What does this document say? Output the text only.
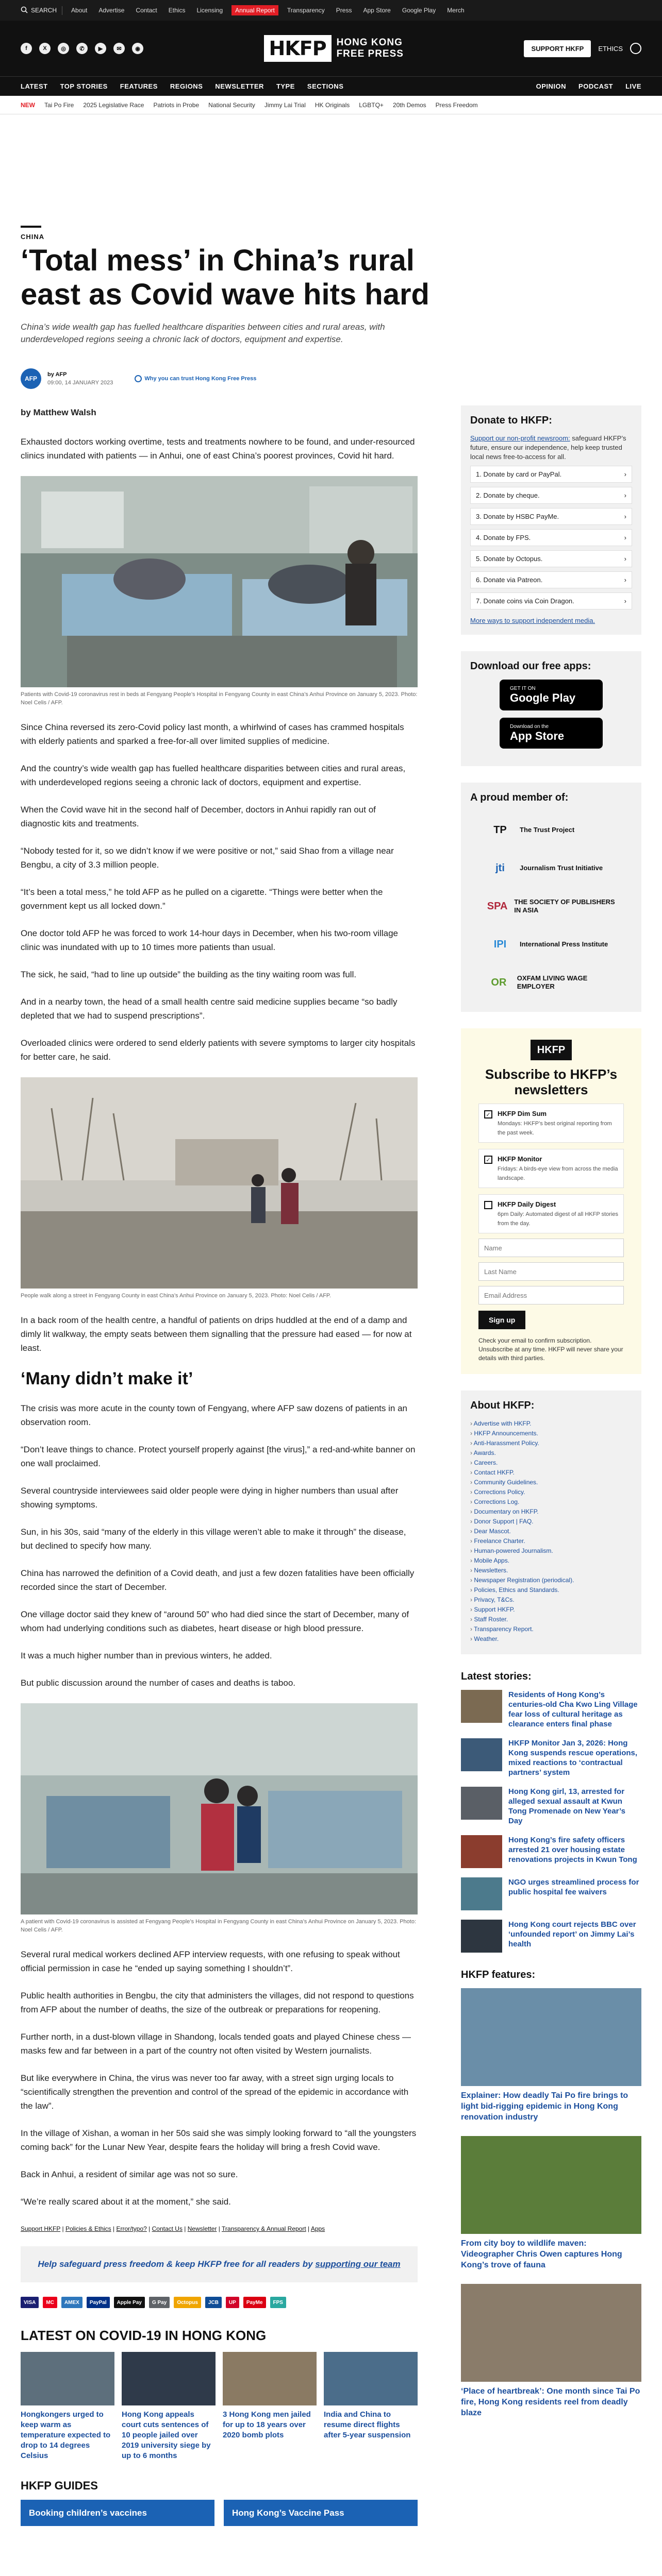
SEARCH	About	Advertise	Contact	Ethics	Licensing	Annual Report	Transparency	Press	App Store	Google Play	Merch
f	X	◎	✆	▶	✉	◉	HKFP	HONG KONG
FREE PRESS	SUPPORT HKFP	ETHICS
LATEST TOP STORIES FEATURES REGIONS NEWSLETTER TYPE SECTIONS	OPINION PODCAST LIVE
NEW Tai Po Fire 2025 Legislative Race Patriots in Probe National Security Jimmy Lai Trial HK Originals LGBTQ+ 20th Demos Press Freedom
CHINA
‘Total mess’ in China’s rural east as Covid wave hits hard

China’s wide wealth gap has fuelled healthcare disparities between cities and rural areas, with underdeveloped regions seeing a chronic lack of doctors, equipment and expertise.

AFP
by AFP
09:00, 14 JANUARY 2023
Why you can trust Hong Kong Free Press
by Matthew Walsh

Exhausted doctors working overtime, tests and treatments nowhere to be found, and under-resourced clinics inundated with patients — in Anhui, one of east China’s poorest provinces, Covid hit hard.

Patients with Covid-19 coronavirus rest in beds at Fengyang People’s Hospital in Fengyang County in east China’s Anhui Province on January 5, 2023. Photo: Noel Celis / AFP.

Since China reversed its zero-Covid policy last month, a whirlwind of cases has crammed hospitals with elderly patients and sparked a free-for-all over limited supplies of medicine.

And the country’s wide wealth gap has fuelled healthcare disparities between cities and rural areas, with underdeveloped regions seeing a chronic lack of doctors, equipment and expertise.

When the Covid wave hit in the second half of December, doctors in Anhui rapidly ran out of diagnostic kits and treatments.

“Nobody tested for it, so we didn’t know if we were positive or not,” said Shao from a village near Bengbu, a city of 3.3 million people.

“It’s been a total mess,” he told AFP as he pulled on a cigarette. “Things were better when the government kept us all locked down.”

One doctor told AFP he was forced to work 14-hour days in December, when his two-room village clinic was inundated with up to 10 times more patients than usual.

The sick, he said, “had to line up outside” the building as the tiny waiting room was full.

And in a nearby town, the head of a small health centre said medicine supplies became “so badly depleted that we had to suspend prescriptions”.

Overloaded clinics were ordered to send elderly patients with severe symptoms to larger city hospitals for better care, he said.

People walk along a street in Fengyang County in east China’s Anhui Province on January 5, 2023. Photo: Noel Celis / AFP.

In a back room of the health centre, a handful of patients on drips huddled at the end of a damp and dimly lit walkway, the empty seats between them signalling that the pressure had eased — for now at least.

‘Many didn’t make it’

The crisis was more acute in the county town of Fengyang, where AFP saw dozens of patients in an observation room.

“Don’t leave things to chance. Protect yourself properly against [the virus],” a red-and-white banner on one wall proclaimed.

Several countryside interviewees said older people were dying in higher numbers than usual after showing symptoms.

Sun, in his 30s, said “many of the elderly in this village weren’t able to make it through” the disease, but declined to specify how many.

China has narrowed the definition of a Covid death, and just a few dozen fatalities have been officially recorded since the start of December.

One village doctor said they knew of “around 50” who had died since the start of December, many of whom had underlying conditions such as diabetes, heart disease or high blood pressure.

It was a much higher number than in previous winters, he added.

But public discussion around the number of cases and deaths is taboo.

A patient with Covid-19 coronavirus is assisted at Fengyang People’s Hospital in Fengyang County in east China’s Anhui Province on January 5, 2023. Photo: Noel Celis / AFP.

Several rural medical workers declined AFP interview requests, with one refusing to speak without official permission in case he “ended up saying something I shouldn’t”.

Public health authorities in Bengbu, the city that administers the villages, did not respond to questions from AFP about the number of deaths, the size of the outbreak or preparations for reopening.

Further north, in a dust-blown village in Shandong, locals tended goats and played Chinese chess — masks few and far between in a part of the country not often visited by Western journalists.

But like everywhere in China, the virus was never too far away, with a street sign urging locals to “scientifically strengthen the prevention and control of the spread of the epidemic in accordance with the law”.

In the village of Xishan, a woman in her 50s said she was simply looking forward to “all the youngsters coming back” for the Lunar New Year, despite fears the holiday will bring a fresh Covid wave.

Back in Anhui, a resident of similar age was not so sure.

“We’re really scared about it at the moment,” she said.

Support HKFP | Policies & Ethics | Error/typo? | Contact Us | Newsletter | Transparency & Annual Report | Apps
Help safeguard press freedom & keep HKFP free for all readers by supporting our team
VISA	MC	AMEX	PayPal	Apple Pay	G Pay	Octopus	JCB	UP	PayMe	FPS
LATEST ON COVID-19 IN HONG KONG
Hongkongers urged to keep warm as temperature expected to drop to 14 degrees Celsius
Hong Kong appeals court cuts sentences of 10 people jailed over 2019 university siege by up to 6 months
3 Hong Kong men jailed for up to 18 years over 2020 bomb plots
India and China to resume direct flights after 5-year suspension
HKFP GUIDES
Booking children’s vaccines	Hong Kong’s Vaccine Pass
Donate to HKFP:

Support our non-profit newsroom: safeguard HKFP’s future, ensure our independence, help keep trusted local news free-to-access for all.

1. Donate by card or PayPal.	›
2. Donate by cheque.	›
3. Donate by HSBC PayMe.	›
4. Donate by FPS.	›
5. Donate by Octopus.	›
6. Donate via Patreon.	›
7. Donate coins via Coin Dragon.	›
More ways to support independent media.
Download our free apps:
GET IT ON
Google Play
Download on the
App Store
A proud member of:
TP	The Trust Project
jti	Journalism Trust Initiative
SPA THE SOCIETY OF PUBLISHERS IN ASIA
IPI	International Press Institute
OR	OXFAM LIVING WAGE EMPLOYER
HKFP
Subscribe to HKFP’s newsletters
✓ HKFP Dim Sum
Mondays: HKFP’s best original reporting from the past week.
✓ HKFP Monitor
Fridays: A birds-eye view from across the media landscape.
HKFP Daily Digest
6pm Daily: Automated digest of all HKFP stories from the day.
Name Last Name Email Address
Sign up

Check your email to confirm subscription. Unsubscribe at any time. HKFP will never share your details with third parties.

About HKFP:
› Advertise with HKFP.
› HKFP Announcements.
› Anti-Harassment Policy.
› Awards.
› Careers.
› Contact HKFP.
› Community Guidelines.
› Corrections Policy.
› Corrections Log.
› Documentary on HKFP.
› Donor Support | FAQ.
› Dear Mascot.
› Freelance Charter.
› Human-powered Journalism.
› Mobile Apps.
› Newsletters.
› Newspaper Registration (periodical).
› Policies, Ethics and Standards.
› Privacy, T&Cs.
› Support HKFP.
› Staff Roster.
› Transparency Report.
› Weather.
Latest stories:
Residents of Hong Kong’s centuries-old Cha Kwo Ling Village fear loss of cultural heritage as clearance enters final phase
HKFP Monitor Jan 3, 2026: Hong Kong suspends rescue operations, mixed reactions to ‘contractual partners’ system
Hong Kong girl, 13, arrested for alleged sexual assault at Kwun Tong Promenade on New Year’s Day
Hong Kong’s fire safety officers arrested 21 over housing estate renovations projects in Kwun Tong
NGO urges streamlined process for public hospital fee waivers
Hong Kong court rejects BBC over ‘unfounded report’ on Jimmy Lai’s health
HKFP features:
Explainer: How deadly Tai Po fire brings to light bid-rigging epidemic in Hong Kong renovation industry
From city boy to wildlife maven: Videographer Chris Owen captures Hong Kong’s trove of fauna
‘Place of heartbreak’: One month since Tai Po fire, Hong Kong residents reel from deadly blaze
